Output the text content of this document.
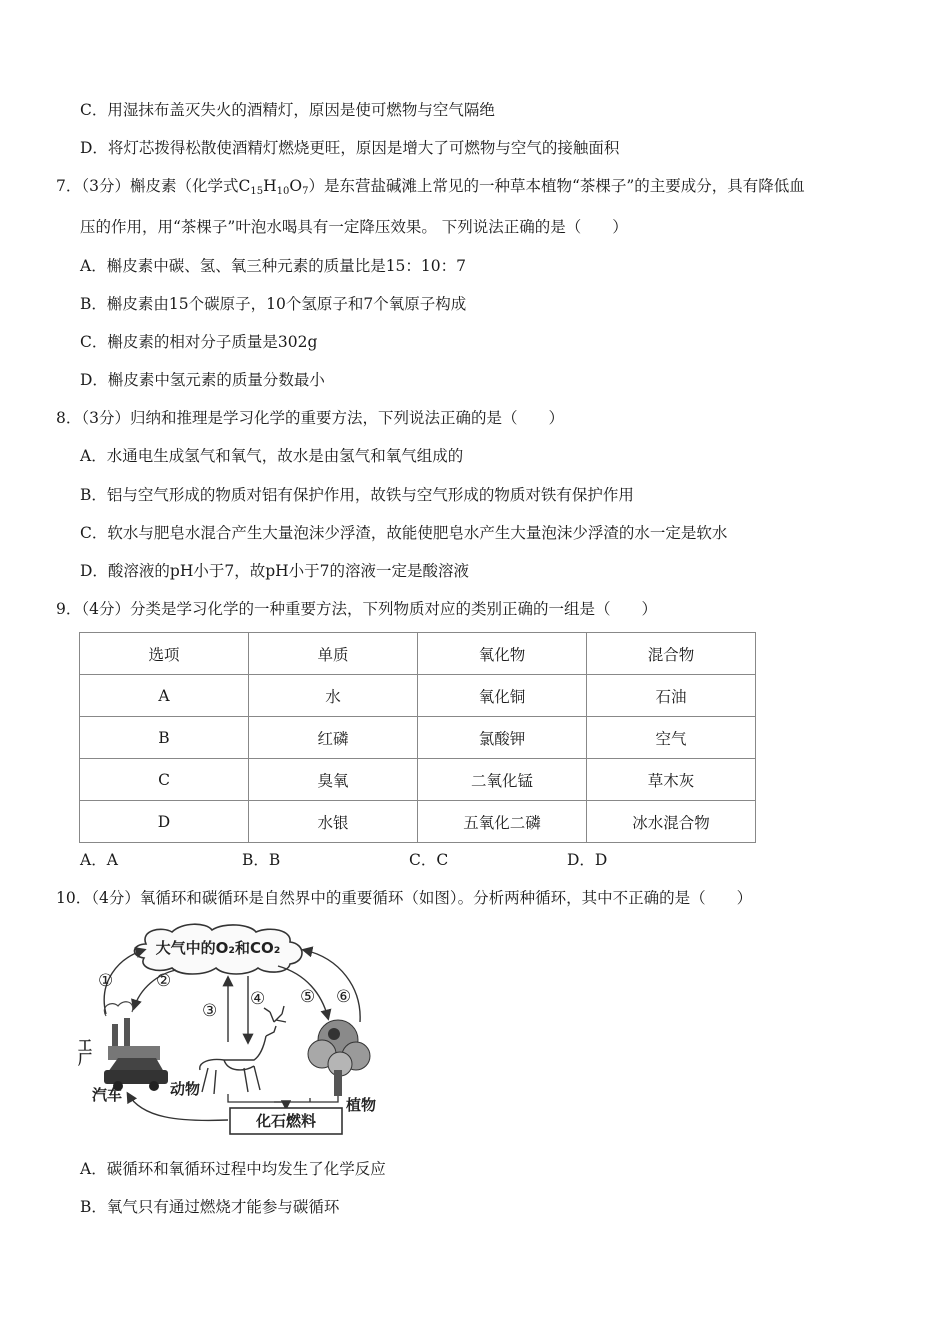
C．用湿抹布盖灭失火的酒精灯，原因是使可燃物与空气隔绝
D．将灯芯拨得松散使酒精灯燃烧更旺，原因是增大了可燃物与空气的接触面积
7．（3分）槲皮素（化学式$C_{15}H_{10}O_7$）是东营盐碱滩上常见的一种草本植物“茶棵子”的主要成分，具有降低血
压的作用，用“茶棵子”叶泡水喝具有一定降压效果。 下列说法正确的是（　　）
A．槲皮素中碳、氢、氧三种元素的质量比是15：10：7
B．槲皮素由15个碳原子，10个氢原子和7个氧原子构成
C．槲皮素的相对分子质量是302g
D．槲皮素中氢元素的质量分数最小
8．（3分）归纳和推理是学习化学的重要方法，下列说法正确的是（　　）
A．水通电生成氢气和氧气，故水是由氢气和氧气组成的
B．铝与空气形成的物质对铝有保护作用，故铁与空气形成的物质对铁有保护作用
C．软水与肥皂水混合产生大量泡沫少浮渣，故能使肥皂水产生大量泡沫少浮渣的水一定是软水
D．酸溶液的pH小于7，故pH小于7的溶液一定是酸溶液
9．（4分）分类是学习化学的一种重要方法，下列物质对应的类别正确的一组是（　　）
选项	单质	氧化物	混合物
A	水	氧化铜	石油
B	红磷	氯酸钾	空气
C	臭氧	二氧化锰	草木灰
D	水银	五氧化二磷	冰水混合物
A．A	B．B	C．C	D．D
10．（4分）氧循环和碳循环是自然界中的重要循环（如图）。分析两种循环，其中不正确的是（　　）
大气中的O₂和CO₂
①	②
③
④ ⑤ ⑥
工厂
汽车	动物
植物
化石燃料
A．碳循环和氧循环过程中均发生了化学反应
B．氧气只有通过燃烧才能参与碳循环
